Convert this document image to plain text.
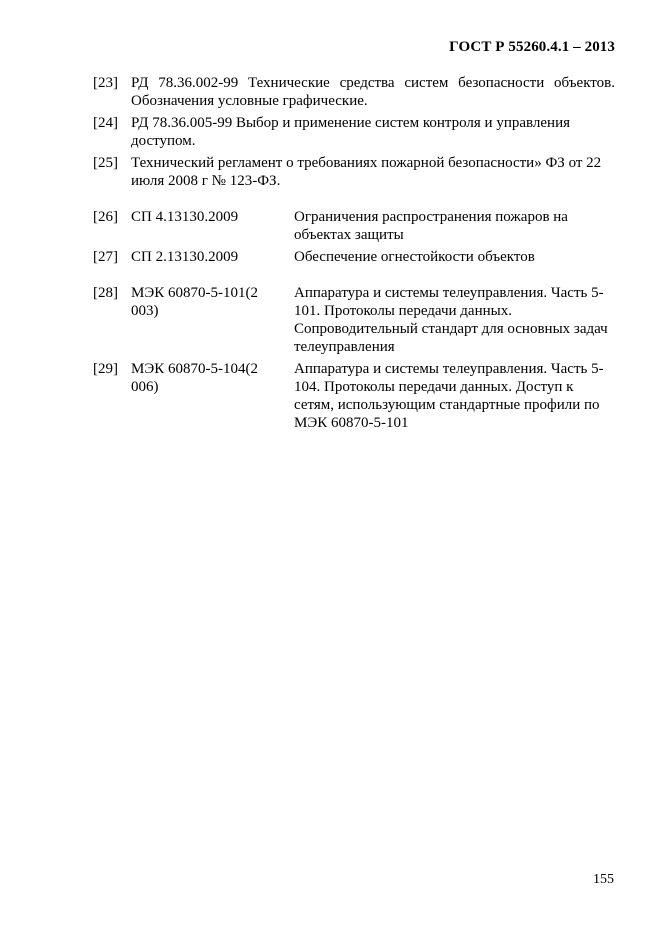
ГОСТ Р 55260.4.1 – 2013
[23] РД 78.36.002-99 Технические средства систем безопасности объектов. Обозначения условные графические.
[24] РД 78.36.005-99 Выбор и применение систем контроля и управления доступом.
[25] Технический регламент о требованиях пожарной безопасности» ФЗ от 22 июля 2008 г № 123-ФЗ.
[26] СП 4.13130.2009	Ограничения распространения пожаров на объектах защиты
[27] СП 2.13130.2009	Обеспечение огнестойкости объектов
[28] МЭК 60870-5-101(2003)
Аппаратура и системы телеуправления. Часть 5-101. Протоколы передачи данных. Сопроводительный стандарт для основных задач телеуправления
[29] МЭК 60870-5-104(2006)
Аппаратура и системы телеуправления. Часть 5-104. Протоколы передачи данных. Доступ к сетям, использующим стандартные профили по МЭК 60870-5-101
155
